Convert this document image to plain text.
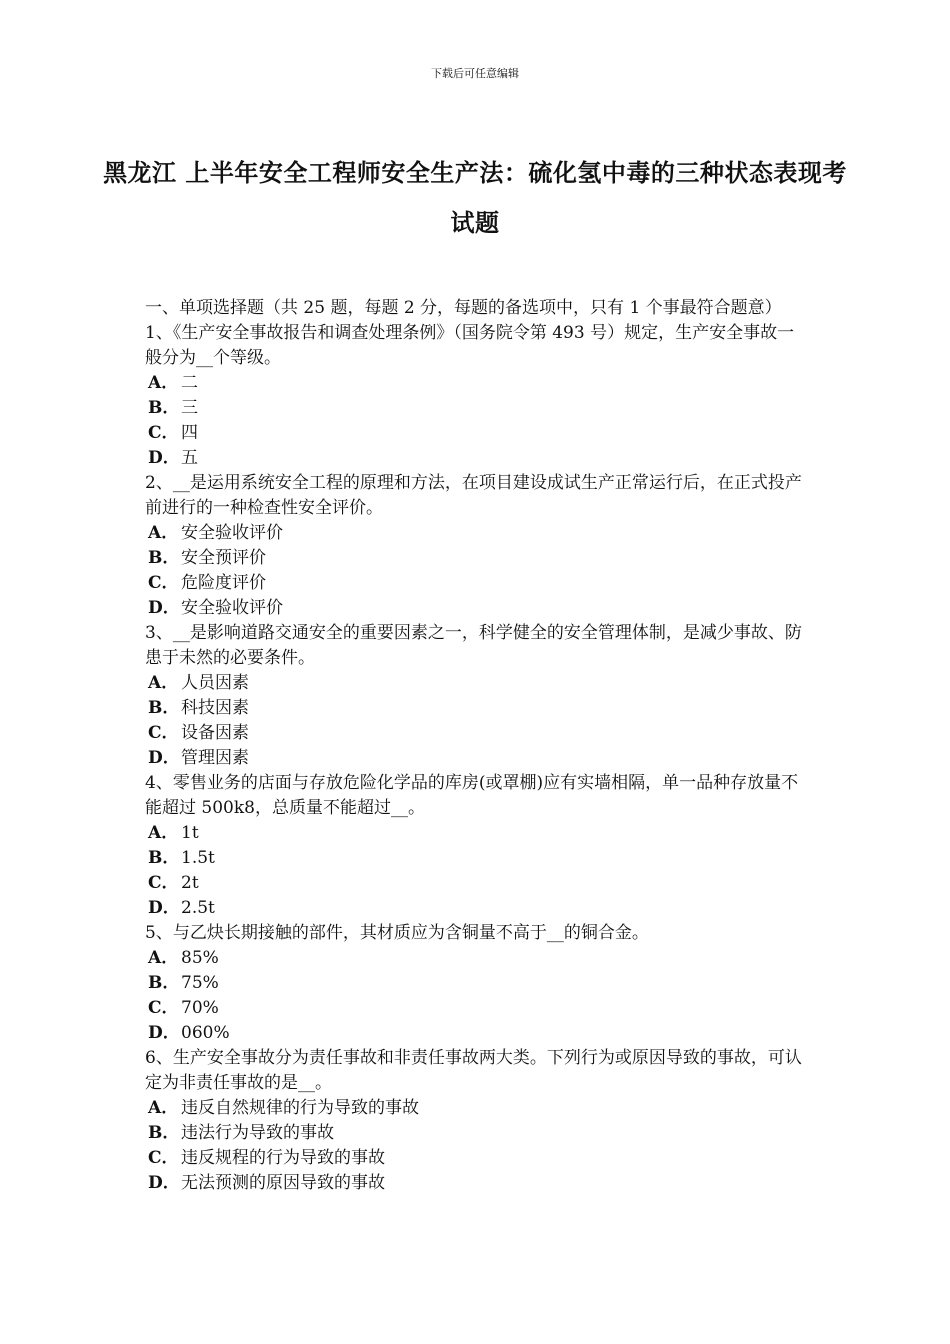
下载后可任意编辑
黑龙江 上半年安全工程师安全生产法：硫化氢中毒的三种状态表现考试题

一、单项选择题（共 25 题，每题 2 分，每题的备选项中，只有 1 个事最符合题意）

1、《生产安全事故报告和调查处理条例》（国务院令第 493 号）规定，生产安全事故一般分为__个等级。

A． 二
B．三
C． 四
D．五

2、__是运用系统安全工程的原理和方法，在项目建设成试生产正常运行后，在正式投产前进行的一种检查性安全评价。

A． 安全验收评价
B．安全预评价
C． 危险度评价
D．安全验收评价

3、__是影响道路交通安全的重要因素之一，科学健全的安全管理体制，是减少事故、防患于未然的必要条件。

A． 人员因素
B．科技因素
C． 设备因素
D．管理因素

4、零售业务的店面与存放危险化学品的库房(或罩棚)应有实墙相隔，单一品种存放量不能超过 500k8，总质量不能超过__。

A． 1t
B．1.5t
C． 2t
D．2.5t

5、与乙炔长期接触的部件，其材质应为含铜量不高于__的铜合金。

A． 85%
B．75%
C． 70%
D．060%

6、生产安全事故分为责任事故和非责任事故两大类。下列行为或原因导致的事故，可认定为非责任事故的是__。

A． 违反自然规律的行为导致的事故
B．违法行为导致的事故
C． 违反规程的行为导致的事故
D．无法预测的原因导致的事故
